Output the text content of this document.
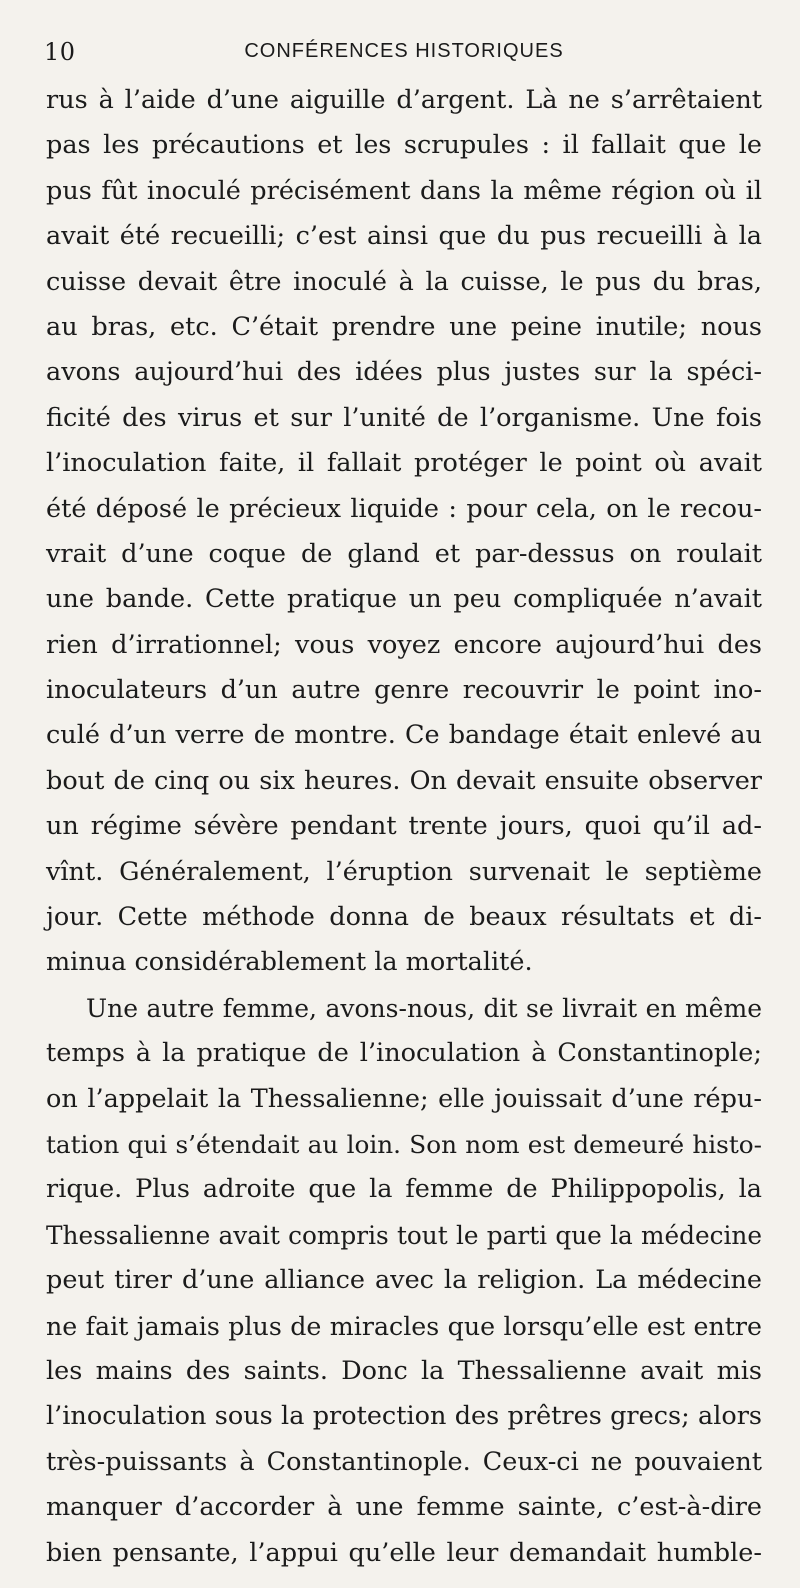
10	CONFÉRENCES HISTORIQUES
rus à l’aide d’une aiguille d’argent. Là ne s’arrêtaient
pas les précautions et les scrupules : il fallait que le
pus fût inoculé précisément dans la même région où il
avait été recueilli; c’est ainsi que du pus recueilli à la
cuisse devait être inoculé à la cuisse, le pus du bras,
au bras, etc. C’était prendre une peine inutile; nous
avons aujourd’hui des idées plus justes sur la spéci-
ficité des virus et sur l’unité de l’organisme. Une fois
l’inoculation faite, il fallait protéger le point où avait
été déposé le précieux liquide : pour cela, on le recou-
vrait d’une coque de gland et par-dessus on roulait
une bande. Cette pratique un peu compliquée n’avait
rien d’irrationnel; vous voyez encore aujourd’hui des
inoculateurs d’un autre genre recouvrir le point ino-
culé d’un verre de montre. Ce bandage était enlevé au
bout de cinq ou six heures. On devait ensuite observer
un régime sévère pendant trente jours, quoi qu’il ad-
vînt. Généralement, l’éruption survenait le septième
jour. Cette méthode donna de beaux résultats et di-
minua considérablement la mortalité.
Une autre femme, avons-nous, dit se livrait en même
temps à la pratique de l’inoculation à Constantinople;
on l’appelait la Thessalienne; elle jouissait d’une répu-
tation qui s’étendait au loin. Son nom est demeuré histo-
rique. Plus adroite que la femme de Philippopolis, la
Thessalienne avait compris tout le parti que la médecine
peut tirer d’une alliance avec la religion. La médecine
ne fait jamais plus de miracles que lorsqu’elle est entre
les mains des saints. Donc la Thessalienne avait mis
l’inoculation sous la protection des prêtres grecs; alors
très-puissants à Constantinople. Ceux-ci ne pouvaient
manquer d’accorder à une femme sainte, c’est-à-dire
bien pensante, l’appui qu’elle leur demandait humble-
